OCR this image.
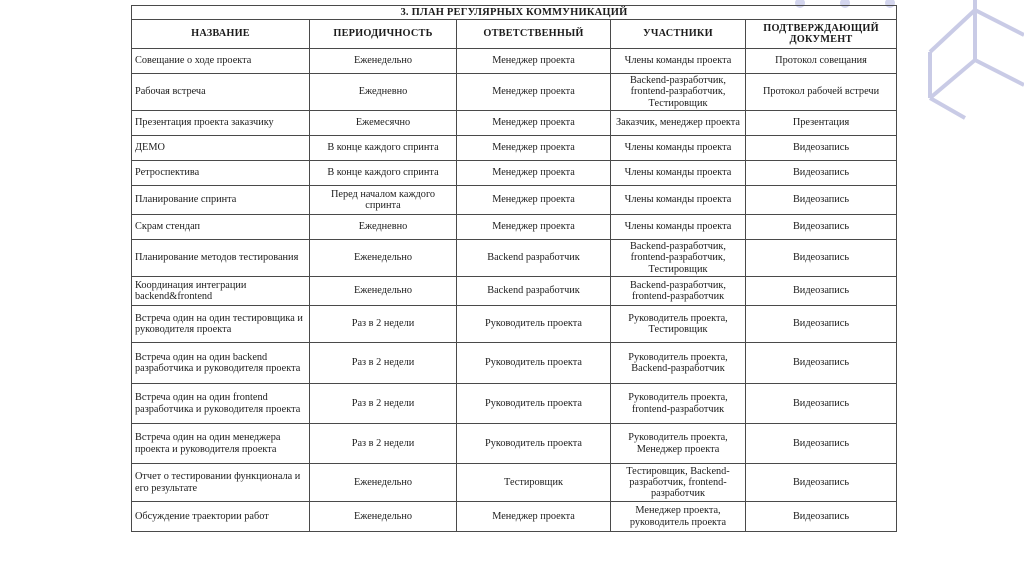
3. ПЛАН РЕГУЛЯРНЫХ КОММУНИКАЦИЙ				
НАЗВАНИЕ	ПЕРИОДИЧНОСТЬ	ОТВЕТСТВЕННЫЙ	УЧАСТНИКИ	ПОДТВЕРЖДАЮЩИЙ ДОКУМЕНТ
Совещание о ходе проекта	Еженедельно	Менеджер проекта	Члены команды проекта	Протокол совещания
Рабочая встреча	Ежедневно	Менеджер проекта	Backend-разработчик, frontend-разработчик, Тестировщик	Протокол рабочей встречи
Презентация проекта заказчику	Ежемесячно	Менеджер проекта	Заказчик, менеджер проекта	Презентация
ДЕМО	В конце каждого спринта	Менеджер проекта	Члены команды проекта	Видеозапись
Ретроспектива	В конце каждого спринта	Менеджер проекта	Члены команды проекта	Видеозапись
Планирование спринта	Перед началом каждого спринта	Менеджер проекта	Члены команды проекта	Видеозапись
Скрам стендап	Ежедневно	Менеджер проекта	Члены команды проекта	Видеозапись
Планирование методов тестирования	Еженедельно	Backend разработчик	Backend-разработчик, frontend-разработчик, Тестировщик	Видеозапись
Координация интеграции backend&frontend	Еженедельно	Backend разработчик	Backend-разработчик, frontend-разработчик	Видеозапись
Встреча один на один тестировщика и руководителя проекта	Раз в 2 недели	Руководитель проекта	Руководитель проекта, Тестировщик	Видеозапись
Встреча один на один backend разработчика и руководителя проекта	Раз в 2 недели	Руководитель проекта	Руководитель проекта, Backend-разработчик	Видеозапись
Встреча один на один frontend разработчика и руководителя проекта	Раз в 2 недели	Руководитель проекта	Руководитель проекта, frontend-разработчик	Видеозапись
Встреча один на один менеджера проекта и руководителя проекта	Раз в 2 недели	Руководитель проекта	Руководитель проекта, Менеджер проекта	Видеозапись
Отчет о тестировании функционала и его результате	Еженедельно	Тестировщик	Тестировщик, Backend-разработчик, frontend-разработчик	Видеозапись
Обсуждение траектории работ	Еженедельно	Менеджер проекта	Менеджер проекта, руководитель проекта	Видеозапись
